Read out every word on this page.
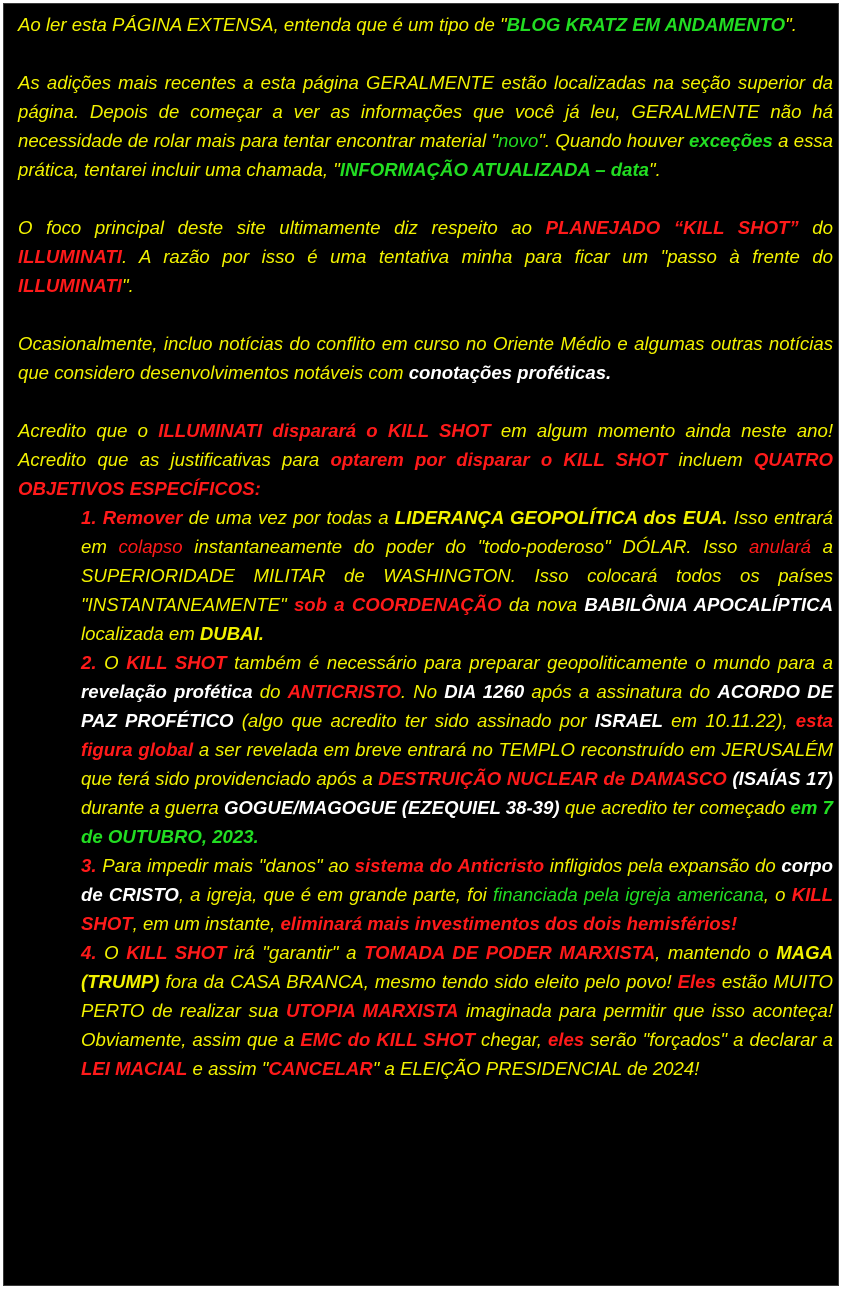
Ao ler esta PÁGINA EXTENSA, entenda que é um tipo de "BLOG KRATZ EM ANDAMENTO".

As adições mais recentes a esta página GERALMENTE estão localizadas na seção superior da página. Depois de começar a ver as informações que você já leu, GERALMENTE não há necessidade de rolar mais para tentar encontrar material "novo". Quando houver exceções a essa prática, tentarei incluir uma chamada, "INFORMAÇÃO ATUALIZADA – data".

O foco principal deste site ultimamente diz respeito ao PLANEJADO “KILL SHOT” do ILLUMINATI. A razão por isso é uma tentativa minha para ficar um "passo à frente do ILLUMINATI".

Ocasionalmente, incluo notícias do conflito em curso no Oriente Médio e algumas outras notícias que considero desenvolvimentos notáveis com conotações proféticas.

Acredito que o ILLUMINATI disparará o KILL SHOT em algum momento ainda neste ano! Acredito que as justificativas para optarem por disparar o KILL SHOT incluem QUATRO OBJETIVOS ESPECÍFICOS:

1. Remover de uma vez por todas a LIDERANÇA GEOPOLÍTICA dos EUA. Isso entrará em colapso instantaneamente do poder do "todo-poderoso" DÓLAR. Isso anulará a SUPERIORIDADE MILITAR de WASHINGTON. Isso colocará todos os países "INSTANTANEAMENTE" sob a COORDENAÇÃO da nova BABILÔNIA APOCALÍPTICA localizada em DUBAI.

2. O KILL SHOT também é necessário para preparar geopoliticamente o mundo para a revelação profética do ANTICRISTO. No DIA 1260 após a assinatura do ACORDO DE PAZ PROFÉTICO (algo que acredito ter sido assinado por ISRAEL em 10.11.22), esta figura global a ser revelada em breve entrará no TEMPLO reconstruído em JERUSALÉM que terá sido providenciado após a DESTRUIÇÃO NUCLEAR de DAMASCO (ISAÍAS 17) durante a guerra GOGUE/MAGOGUE (EZEQUIEL 38-39) que acredito ter começado em 7 de OUTUBRO, 2023.

3. Para impedir mais "danos" ao sistema do Anticristo infligidos pela expansão do corpo de CRISTO, a igreja, que é em grande parte, foi financiada pela igreja americana, o KILL SHOT, em um instante, eliminará mais investimentos dos dois hemisférios!

4. O KILL SHOT irá "garantir" a TOMADA DE PODER MARXISTA, mantendo o MAGA (TRUMP) fora da CASA BRANCA, mesmo tendo sido eleito pelo povo! Eles estão MUITO PERTO de realizar sua UTOPIA MARXISTA imaginada para permitir que isso aconteça! Obviamente, assim que a EMC do KILL SHOT chegar, eles serão "forçados" a declarar a LEI MACIAL e assim "CANCELAR" a ELEIÇÃO PRESIDENCIAL de 2024!
